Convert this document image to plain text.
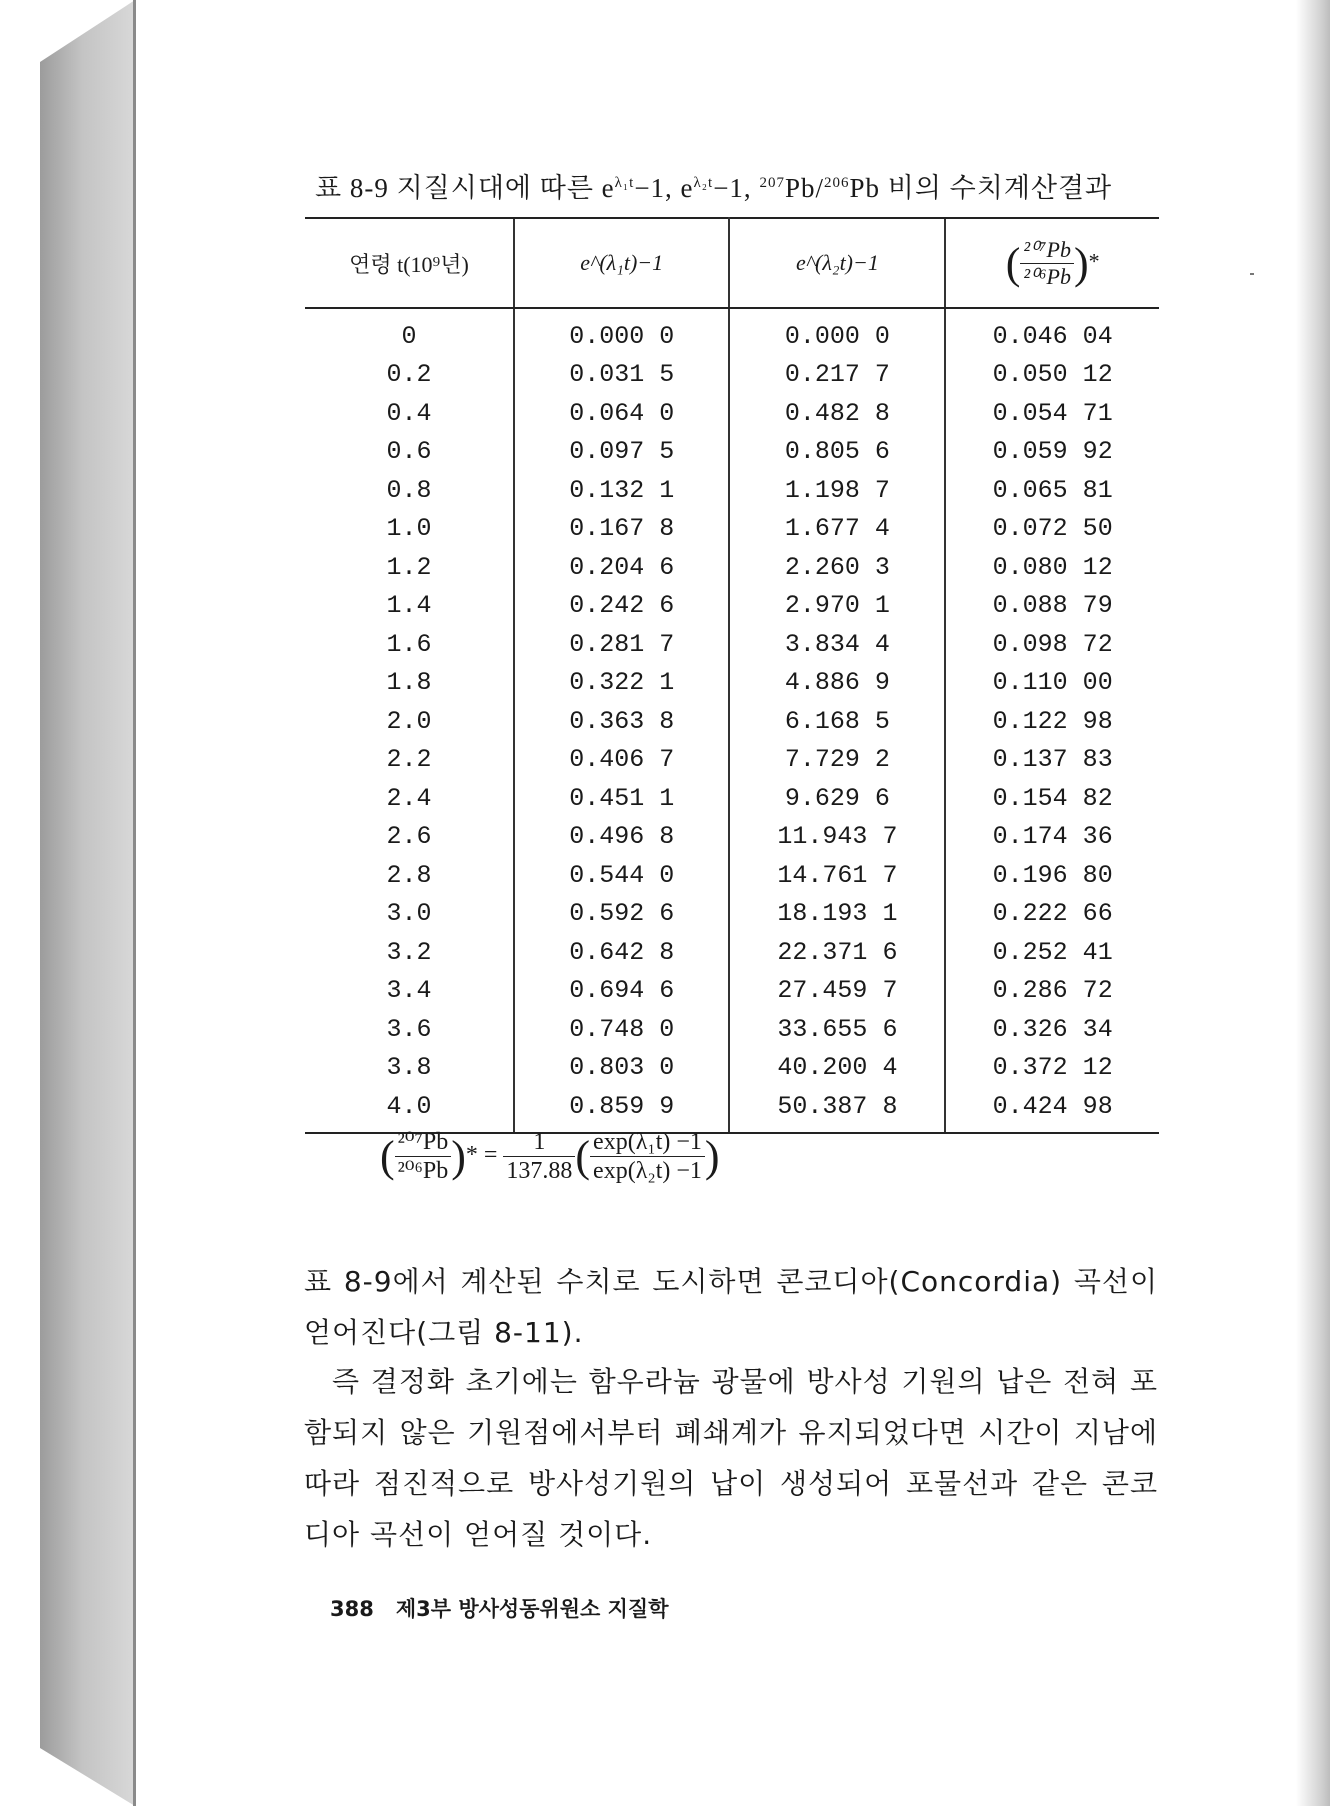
표 8-9 지질시대에 따른 $e^{\lambda_1t}-1$, $e^{\lambda_2t}-1$, $^{207}$Pb/$^{206}$Pb 비의 수치계산결과
연령 t(10⁹년)	e^(λ₁t)−1	e^(λ₂t)−1	( $\frac{\text{²⁰⁷Pb}}{\text{²⁰⁶Pb}}$ )*
0	0.000 0	0.000 0	0.046 04
0.2	0.031 5	0.217 7	0.050 12
0.4	0.064 0	0.482 8	0.054 71
0.6	0.097 5	0.805 6	0.059 92
0.8	0.132 1	1.198 7	0.065 81
1.0	0.167 8	1.677 4	0.072 50
1.2	0.204 6	2.260 3	0.080 12
1.4	0.242 6	2.970 1	0.088 79
1.6	0.281 7	3.834 4	0.098 72
1.8	0.322 1	4.886 9	0.110 00
2.0	0.363 8	6.168 5	0.122 98
2.2	0.406 7	7.729 2	0.137 83
2.4	0.451 1	9.629 6	0.154 82
2.6	0.496 8	11.943 7	0.174 36
2.8	0.544 0	14.761 7	0.196 80
3.0	0.592 6	18.193 1	0.222 66
3.2	0.642 8	22.371 6	0.252 41
3.4	0.694 6	27.459 7	0.286 72
3.6	0.748 0	33.655 6	0.326 34
3.8	0.803 0	40.200 4	0.372 12
4.0	0.859 9	50.387 8	0.424 98
( $\frac{\text{²⁰⁷Pb}}{\text{²⁰⁶Pb}}$ )* = $\frac{1}{137.88}$ ( $\frac{\text{exp(λ₁t) −1}}{\text{exp(λ₂t) −1}}$ )
표 8-9에서 계산된 수치로 도시하면 콘코디아(Concordia) 곡선이 얻어진다(그림 8-11).
즉 결정화 초기에는 함우라늄 광물에 방사성 기원의 납은 전혀 포함되지 않은 기원점에서부터 폐쇄계가 유지되었다면 시간이 지남에 따라 점진적으로 방사성기원의 납이 생성되어 포물선과 같은 콘코디아 곡선이 얻어질 것이다.
388 제3부 방사성동위원소 지질학
